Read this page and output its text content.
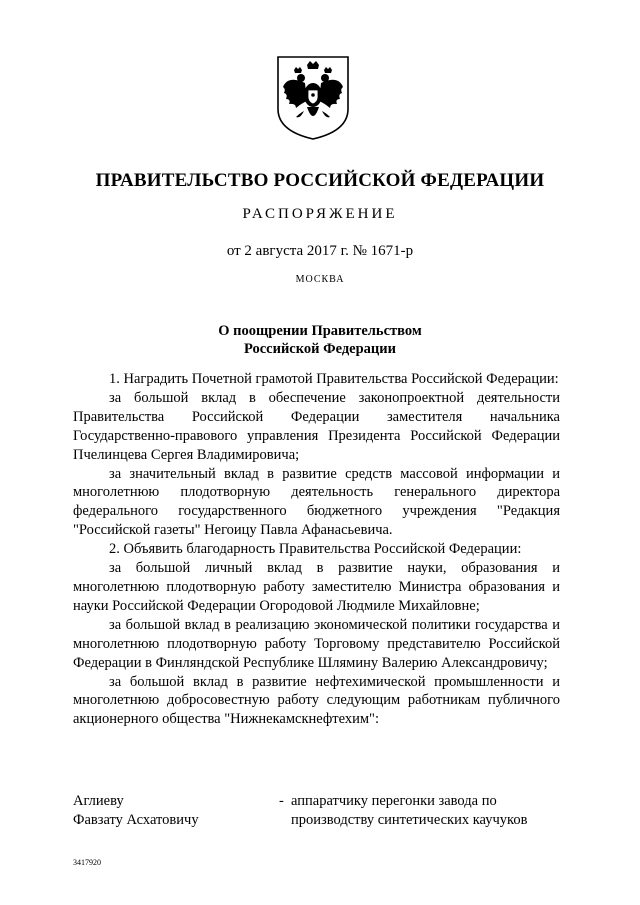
ПРАВИТЕЛЬСТВО РОССИЙСКОЙ ФЕДЕРАЦИИ
РАСПОРЯЖЕНИЕ
от 2 августа 2017 г. № 1671-р
МОСКВА
О поощрении Правительством
Российской Федерации

1. Наградить Почетной грамотой Правительства Российской Федерации:

за большой вклад в обеспечение законопроектной деятельности Правительства Российской Федерации заместителя начальника Государственно-правового управления Президента Российской Федерации Пчелинцева Сергея Владимировича;

за значительный вклад в развитие средств массовой информации и многолетнюю плодотворную деятельность генерального директора федерального государственного бюджетного учреждения "Редакция "Российской газеты" Негоицу Павла Афанасьевича.

2. Объявить благодарность Правительства Российской Федерации:

за большой личный вклад в развитие науки, образования и многолетнюю плодотворную работу заместителю Министра образования и науки Российской Федерации Огородовой Людмиле Михайловне;

за большой вклад в реализацию экономической политики государства и многолетнюю плодотворную работу Торговому представителю Российской Федерации в Финляндской Республике Шлямину Валерию Александровичу;

за большой вклад в развитие нефтехимической промышленности и многолетнюю добросовестную работу следующим работникам публичного акционерного общества "Нижнекамскнефтехим":

Аглиеву
Фавзату Асхатовичу
- аппаратчику перегонки завода по
производству синтетических каучуков
3417920
